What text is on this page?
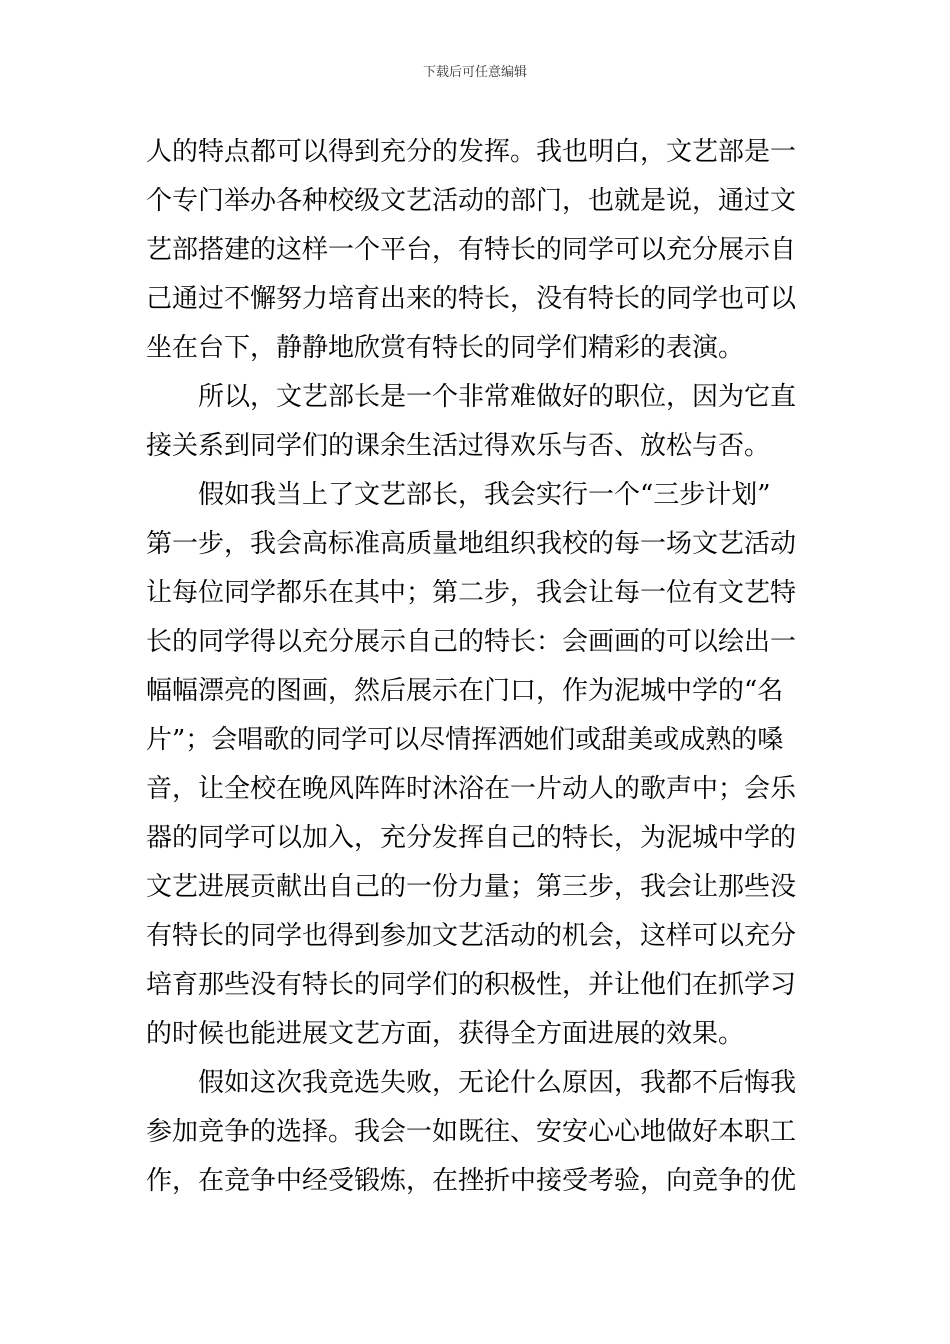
下载后可任意编辑
人的特点都可以得到充分的发挥。我也明白，文艺部是一
个专门举办各种校级文艺活动的部门，也就是说，通过文
艺部搭建的这样一个平台，有特长的同学可以充分展示自
己通过不懈努力培育出来的特长，没有特长的同学也可以
坐在台下，静静地欣赏有特长的同学们精彩的表演。
所以，文艺部长是一个非常难做好的职位，因为它直
接关系到同学们的课余生活过得欢乐与否、放松与否。
假如我当上了文艺部长，我会实行一个“三步计划”
第一步，我会高标准高质量地组织我校的每一场文艺活动
让每位同学都乐在其中；第二步，我会让每一位有文艺特
长的同学得以充分展示自己的特长：会画画的可以绘出一
幅幅漂亮的图画，然后展示在门口，作为泥城中学的“名
片”；会唱歌的同学可以尽情挥洒她们或甜美或成熟的嗓
音，让全校在晚风阵阵时沐浴在一片动人的歌声中；会乐
器的同学可以加入，充分发挥自己的特长，为泥城中学的
文艺进展贡献出自己的一份力量；第三步，我会让那些没
有特长的同学也得到参加文艺活动的机会，这样可以充分
培育那些没有特长的同学们的积极性，并让他们在抓学习
的时候也能进展文艺方面，获得全方面进展的效果。
假如这次我竞选失败，无论什么原因，我都不后悔我
参加竞争的选择。我会一如既往、安安心心地做好本职工
作，在竞争中经受锻炼，在挫折中接受考验，向竞争的优
